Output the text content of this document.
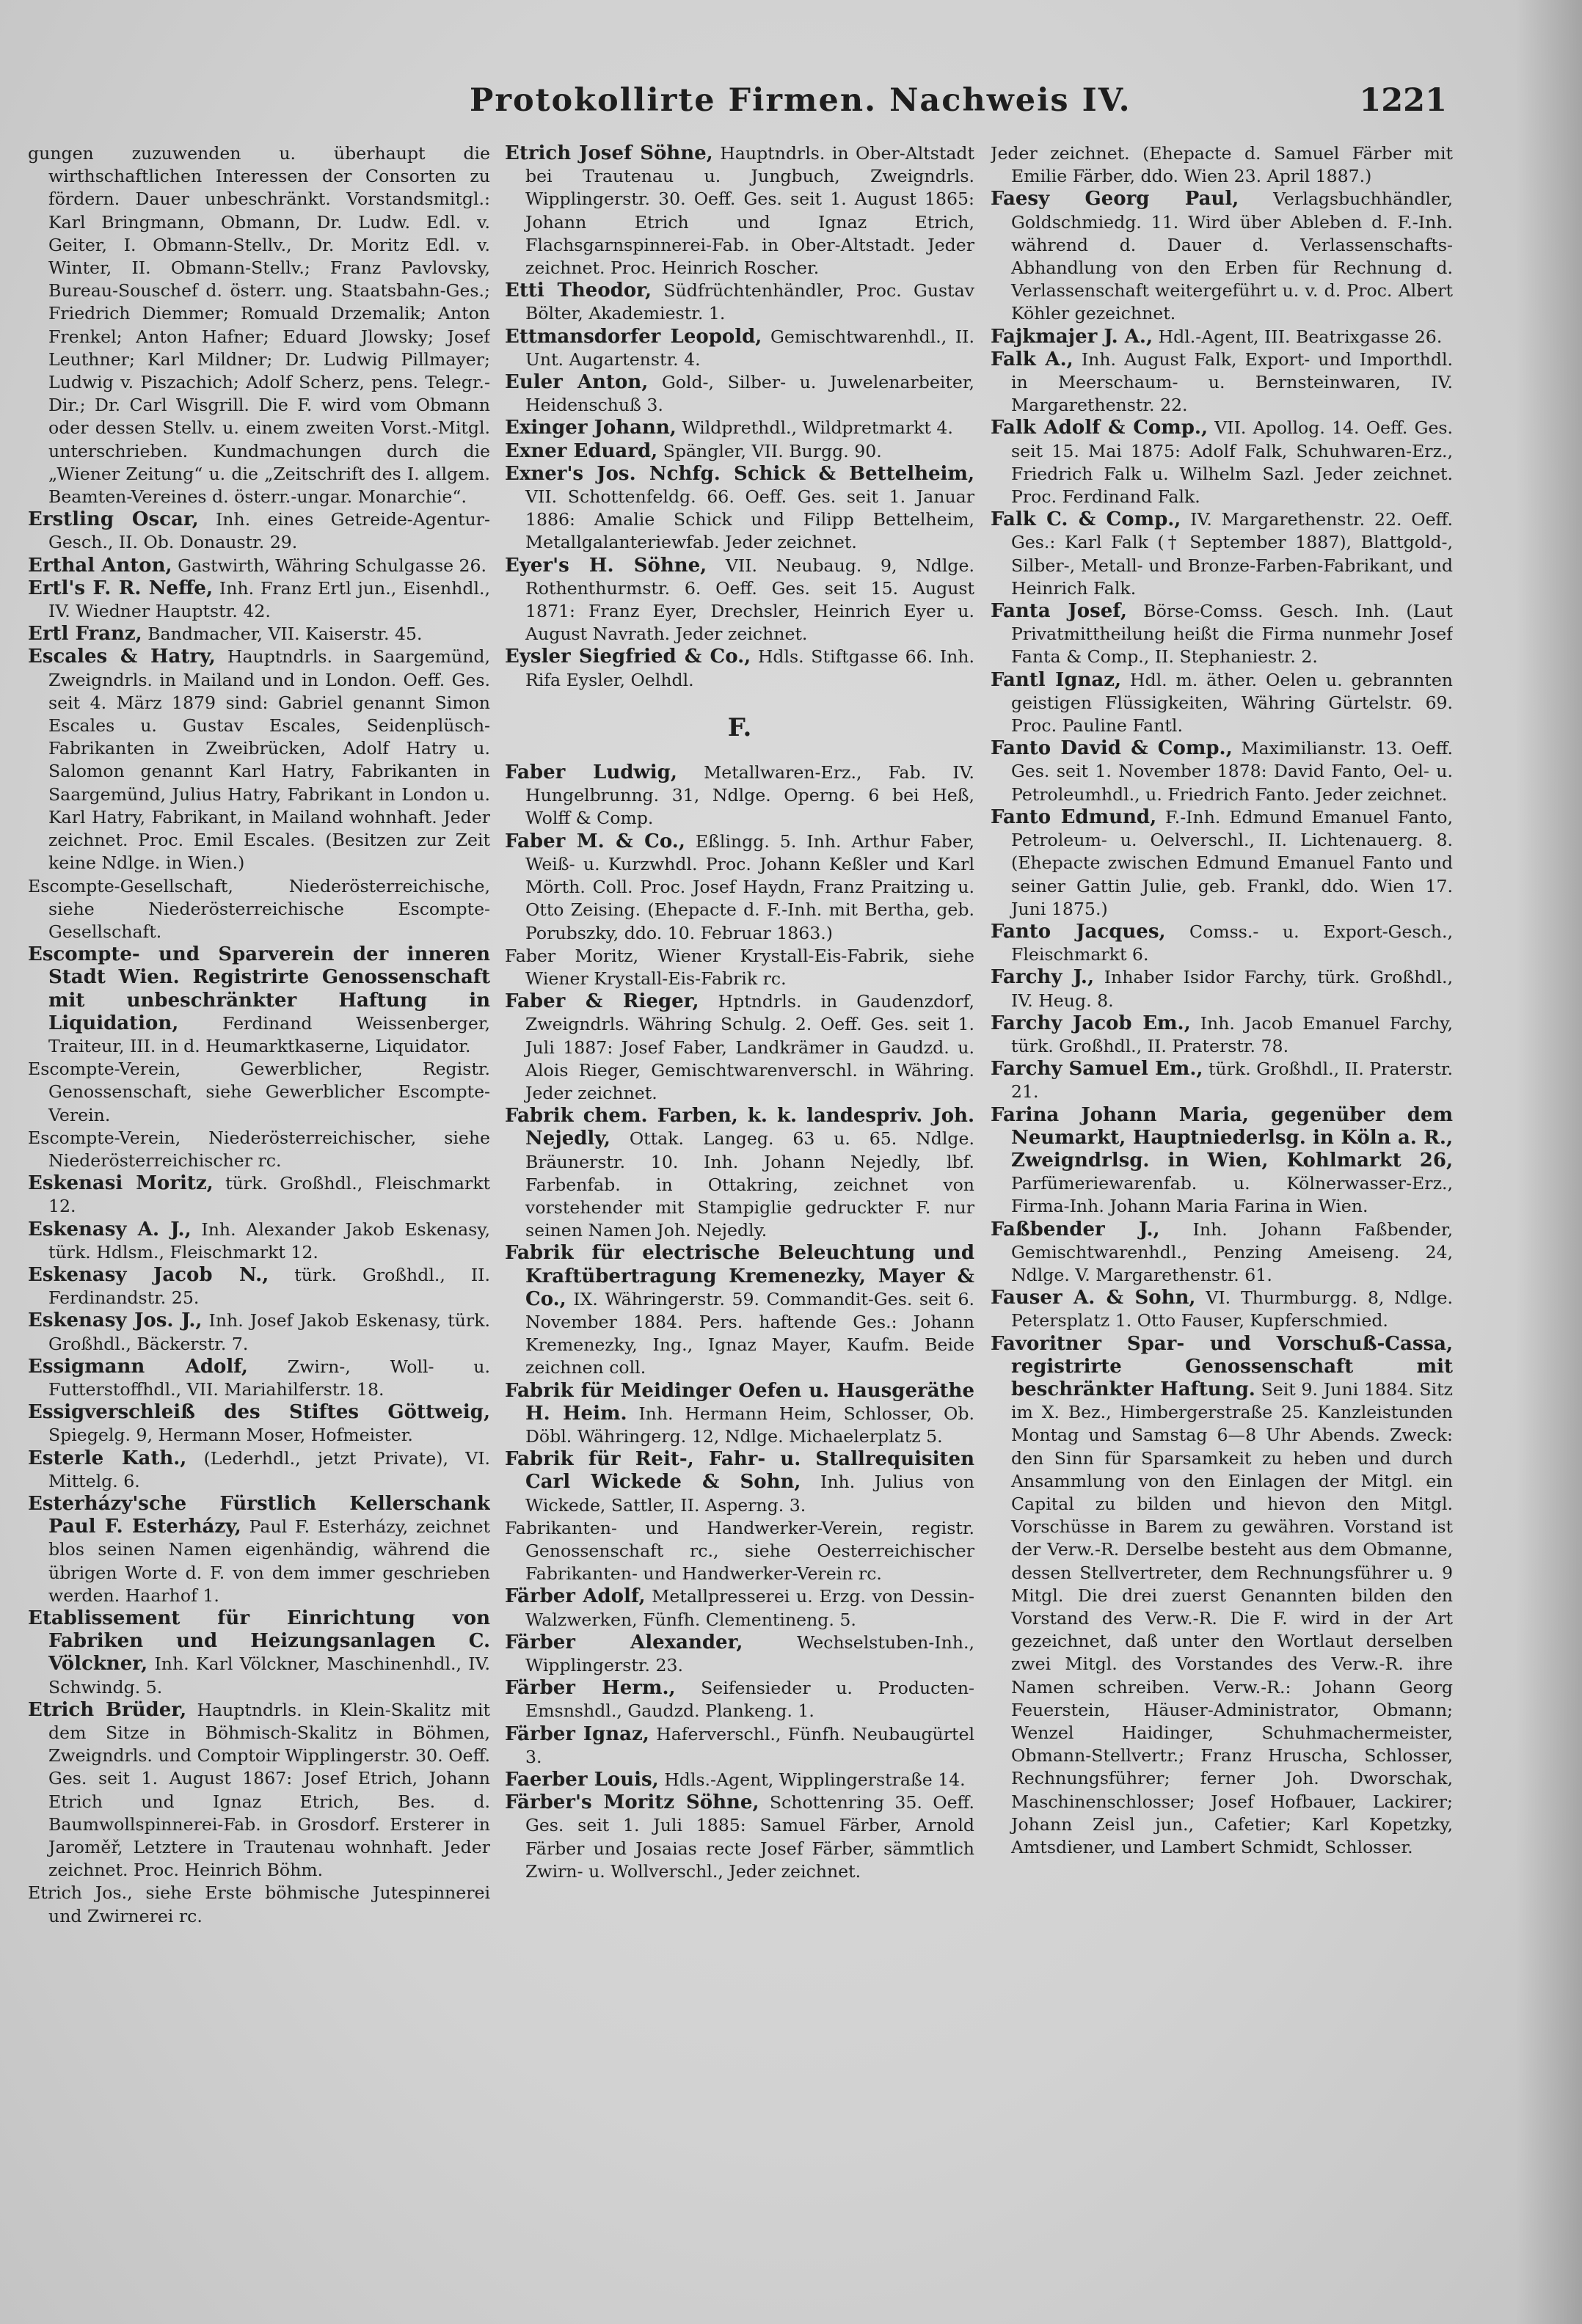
Protokollirte Firmen. Nachweis IV.	1221

gungen zuzuwenden u. überhaupt die wirthschaftlichen Interessen der Consorten zu fördern. Dauer unbeschränkt. Vorstandsmitgl.: Karl Bringmann, Obmann, Dr. Ludw. Edl. v. Geiter, I. Obmann-Stellv., Dr. Moritz Edl. v. Winter, II. Obmann-Stellv.; Franz Pavlovsky, Bureau-Souschef d. österr. ung. Staatsbahn-Ges.; Friedrich Diemmer; Romuald Drzemalik; Anton Frenkel; Anton Hafner; Eduard Jlowsky; Josef Leuthner; Karl Mildner; Dr. Ludwig Pillmayer; Ludwig v. Piszachich; Adolf Scherz, pens. Telegr.-Dir.; Dr. Carl Wisgrill. Die F. wird vom Obmann oder dessen Stellv. u. einem zweiten Vorst.-Mitgl. unterschrieben. Kundmachungen durch die „Wiener Zeitung“ u. die „Zeitschrift des I. allgem. Beamten-Vereines d. österr.-ungar. Monarchie“.

Erstling Oscar, Inh. eines Getreide-Agentur-Gesch., II. Ob. Donaustr. 29.

Erthal Anton, Gastwirth, Währing Schulgasse 26.

Ertl's F. R. Neffe, Inh. Franz Ertl jun., Eisenhdl., IV. Wiedner Hauptstr. 42.

Ertl Franz, Bandmacher, VII. Kaiserstr. 45.

Escales & Hatry, Hauptndrls. in Saargemünd, Zweigndrls. in Mailand und in London. Oeff. Ges. seit 4. März 1879 sind: Gabriel genannt Simon Escales u. Gustav Escales, Seidenplüsch-Fabrikanten in Zweibrücken, Adolf Hatry u. Salomon genannt Karl Hatry, Fabrikanten in Saargemünd, Julius Hatry, Fabrikant in London u. Karl Hatry, Fabrikant, in Mailand wohnhaft. Jeder zeichnet. Proc. Emil Escales. (Besitzen zur Zeit keine Ndlge. in Wien.)

Escompte-Gesellschaft, Niederösterreichische, siehe Niederösterreichische Escompte-Gesellschaft.

Escompte- und Sparverein der inneren Stadt Wien. Registrirte Genossenschaft mit unbeschränkter Haftung in Liquidation,	Ferdinand Weissenberger, Traiteur, III. in d. Heumarktkaserne, Liquidator.

Escompte-Verein, Gewerblicher, Registr. Genossenschaft, siehe Gewerblicher Escompte-Verein.

Escompte-Verein, Niederösterreichischer, siehe Niederösterreichischer rc.

Eskenasi Moritz, türk. Großhdl., Fleischmarkt 12.

Eskenasy A. J., Inh. Alexander Jakob Eskenasy, türk. Hdlsm., Fleischmarkt 12.

Eskenasy Jacob N., türk. Großhdl., II. Ferdinandstr. 25.

Eskenasy Jos. J., Inh. Josef Jakob Eskenasy, türk. Großhdl., Bäckerstr. 7.

Essigmann Adolf, Zwirn-, Woll- u. Futterstoffhdl., VII. Mariahilferstr. 18.

Essigverschleiß des Stiftes Göttweig, Spiegelg. 9, Hermann Moser, Hofmeister.

Esterle Kath., (Lederhdl., jetzt Private), VI. Mittelg. 6.

Esterházy'sche Fürstlich Kellerschank Paul F. Esterházy, Paul F. Esterházy, zeichnet blos seinen Namen eigenhändig, während die übrigen Worte d. F. von dem immer geschrieben werden. Haarhof 1.

Etablissement für Einrichtung von Fabriken und Heizungsanlagen C. Völckner, Inh. Karl Völckner, Maschinenhdl., IV. Schwindg. 5.

Etrich Brüder, Hauptndrls. in Klein-Skalitz mit dem Sitze in Böhmisch-Skalitz in Böhmen, Zweigndrls. und Comptoir Wipplingerstr. 30. Oeff. Ges. seit 1. August 1867: Josef Etrich, Johann Etrich und Ignaz Etrich, Bes. d. Baumwollspinnerei-Fab. in Grosdorf. Ersterer in Jaroměř, Letztere in Trautenau wohnhaft. Jeder zeichnet. Proc. Heinrich Böhm.

Etrich Jos., siehe Erste böhmische Jutespinnerei und Zwirnerei rc.

Etrich Josef Söhne, Hauptndrls. in Ober-Altstadt bei Trautenau u. Jungbuch, Zweigndrls. Wipplingerstr. 30. Oeff. Ges. seit 1. August 1865: Johann Etrich und Ignaz Etrich, Flachsgarnspinnerei-Fab. in Ober-Altstadt. Jeder zeichnet. Proc. Heinrich Roscher.

Etti Theodor, Südfrüchtenhändler, Proc. Gustav Bölter, Akademiestr. 1.

Ettmansdorfer Leopold, Gemischtwarenhdl., II. Unt. Augartenstr. 4.

Euler Anton, Gold-, Silber- u. Juwelenarbeiter, Heidenschuß 3.

Exinger Johann, Wildprethdl., Wildpretmarkt 4.

Exner Eduard, Spängler, VII. Burgg. 90.

Exner's Jos. Nchfg. Schick & Bettelheim, VII. Schottenfeldg. 66. Oeff. Ges. seit 1. Januar 1886: Amalie Schick und Filipp Bettelheim, Metallgalanteriewfab. Jeder zeichnet.

Eyer's H. Söhne, VII. Neubaug. 9, Ndlge. Rothenthurmstr. 6. Oeff. Ges. seit 15. August 1871: Franz Eyer, Drechsler, Heinrich Eyer u. August Navrath. Jeder zeichnet.

Eysler Siegfried & Co., Hdls. Stiftgasse 66. Inh. Rifa Eysler, Oelhdl.

F.

Faber Ludwig, Metallwaren-Erz., Fab. IV. Hungelbrunng. 31, Ndlge. Operng. 6 bei Heß, Wolff & Comp.

Faber M. & Co., Eßlingg. 5. Inh. Arthur Faber, Weiß- u. Kurzwhdl. Proc. Johann Keßler und Karl Mörth. Coll. Proc. Josef Haydn, Franz Praitzing u. Otto Zeising. (Ehepacte d. F.-Inh. mit Bertha, geb. Porubszky, ddo. 10. Februar 1863.)

Faber Moritz, Wiener Krystall-Eis-Fabrik, siehe Wiener Krystall-Eis-Fabrik rc.

Faber & Rieger, Hptndrls. in Gaudenzdorf, Zweigndrls. Währing Schulg. 2. Oeff. Ges. seit 1. Juli 1887: Josef Faber, Landkrämer in Gaudzd. u. Alois Rieger, Gemischtwarenverschl. in Währing. Jeder zeichnet.

Fabrik chem. Farben, k. k. landespriv. Joh. Nejedly, Ottak. Langeg. 63 u. 65. Ndlge. Bräunerstr. 10. Inh. Johann Nejedly, lbf. Farbenfab. in Ottakring, zeichnet von vorstehender mit Stampiglie gedruckter F. nur seinen Namen Joh. Nejedly.

Fabrik für electrische Beleuchtung und Kraftübertragung Kremenezky, Mayer & Co., IX. Währingerstr. 59. Commandit-Ges. seit 6. November 1884. Pers. haftende Ges.: Johann Kremenezky, Ing., Ignaz Mayer, Kaufm. Beide zeichnen coll.

Fabrik für Meidinger Oefen u. Hausgeräthe H. Heim. Inh. Hermann Heim, Schlosser, Ob. Döbl. Währingerg. 12, Ndlge. Michaelerplatz 5.

Fabrik für Reit-, Fahr- u. Stallrequisiten Carl Wickede & Sohn, Inh. Julius von Wickede, Sattler, II. Asperng. 3.

Fabrikanten- und Handwerker-Verein, registr. Genossenschaft rc., siehe Oesterreichischer Fabrikanten- und Handwerker-Verein rc.

Färber Adolf, Metallpresserei u. Erzg. von Dessin-Walzwerken, Fünfh. Clementineng. 5.

Färber Alexander,	Wechselstuben-Inh., Wipplingerstr. 23.

Färber Herm., Seifensieder u. Producten-Emsnshdl., Gaudzd. Plankeng. 1.

Färber Ignaz, Haferverschl., Fünfh. Neubaugürtel 3.

Faerber Louis, Hdls.-Agent, Wipplingerstraße 14.

Färber's Moritz Söhne, Schottenring 35. Oeff. Ges. seit 1. Juli 1885: Samuel Färber, Arnold Färber und Josaias recte Josef Färber, sämmtlich Zwirn- u. Wollverschl., Jeder zeichnet.

Jeder zeichnet. (Ehepacte d. Samuel Färber mit Emilie Färber, ddo. Wien 23. April 1887.)

Faesy Georg Paul, Verlagsbuchhändler, Goldschmiedg. 11. Wird über Ableben d. F.-Inh. während d. Dauer d. Verlassenschafts-Abhandlung von den Erben für Rechnung d. Verlassenschaft weitergeführt u. v. d. Proc. Albert Köhler gezeichnet.

Fajkmajer J. A., Hdl.-Agent, III. Beatrixgasse 26.

Falk A., Inh. August Falk, Export- und Importhdl. in Meerschaum- u. Bernsteinwaren, IV. Margarethenstr. 22.

Falk Adolf & Comp., VII. Apollog. 14. Oeff. Ges. seit 15. Mai 1875: Adolf Falk, Schuhwaren-Erz., Friedrich Falk u. Wilhelm Sazl. Jeder zeichnet. Proc. Ferdinand Falk.

Falk C. & Comp., IV. Margarethenstr. 22. Oeff. Ges.: Karl Falk († September 1887), Blattgold-, Silber-, Metall- und Bronze-Farben-Fabrikant, und Heinrich Falk.

Fanta Josef, Börse-Comss. Gesch. Inh. (Laut Privatmittheilung heißt die Firma nunmehr Josef Fanta & Comp., II. Stephaniestr. 2.

Fantl Ignaz, Hdl. m. äther. Oelen u. gebrannten geistigen Flüssigkeiten, Währing Gürtelstr. 69. Proc. Pauline Fantl.

Fanto David & Comp., Maximilianstr. 13. Oeff. Ges. seit 1. November 1878: David Fanto, Oel- u. Petroleumhdl., u. Friedrich Fanto. Jeder zeichnet.

Fanto Edmund, F.-Inh. Edmund Emanuel Fanto, Petroleum- u. Oelverschl., II. Lichtenauerg. 8. (Ehepacte zwischen Edmund Emanuel Fanto und seiner Gattin Julie, geb. Frankl, ddo. Wien 17. Juni 1875.)

Fanto Jacques, Comss.- u. Export-Gesch., Fleischmarkt 6.

Farchy J., Inhaber Isidor Farchy, türk. Großhdl., IV. Heug. 8.

Farchy Jacob Em., Inh. Jacob Emanuel Farchy, türk. Großhdl., II. Praterstr. 78.

Farchy Samuel Em., türk. Großhdl., II. Praterstr. 21.

Farina Johann Maria, gegenüber dem Neumarkt, Hauptniederlsg. in Köln a. R., Zweigndrlsg. in Wien, Kohlmarkt 26, Parfümeriewarenfab. u. Kölnerwasser-Erz., Firma-Inh. Johann Maria Farina in Wien.

Faßbender J., Inh. Johann Faßbender, Gemischtwarenhdl., Penzing Ameiseng. 24, Ndlge. V. Margarethenstr. 61.

Fauser A. & Sohn, VI. Thurmburgg. 8, Ndlge. Petersplatz 1. Otto Fauser, Kupferschmied.

Favoritner Spar- und Vorschuß-Cassa, registrirte Genossenschaft mit beschränkter Haftung. Seit 9. Juni 1884. Sitz im X. Bez., Himbergerstraße 25. Kanzleistunden Montag und Samstag 6—8 Uhr Abends. Zweck: den Sinn für Sparsamkeit zu heben und durch Ansammlung von den Einlagen der Mitgl. ein Capital zu bilden und hievon den Mitgl. Vorschüsse in Barem zu gewähren. Vorstand ist der Verw.-R. Derselbe besteht aus dem Obmanne, dessen Stellvertreter, dem Rechnungsführer u. 9 Mitgl. Die drei zuerst Genannten bilden den Vorstand des Verw.-R. Die F. wird in der Art gezeichnet, daß unter den Wortlaut derselben zwei Mitgl. des Vorstandes des Verw.-R. ihre Namen schreiben. Verw.-R.: Johann Georg Feuerstein, Häuser-Administrator, Obmann; Wenzel Haidinger, Schuhmachermeister, Obmann-Stellvertr.; Franz Hruscha, Schlosser, Rechnungsführer; ferner Joh. Dworschak, Maschinenschlosser; Josef Hofbauer, Lackirer; Johann Zeisl jun., Cafetier; Karl Kopetzky, Amtsdiener, und Lambert Schmidt, Schlosser.
